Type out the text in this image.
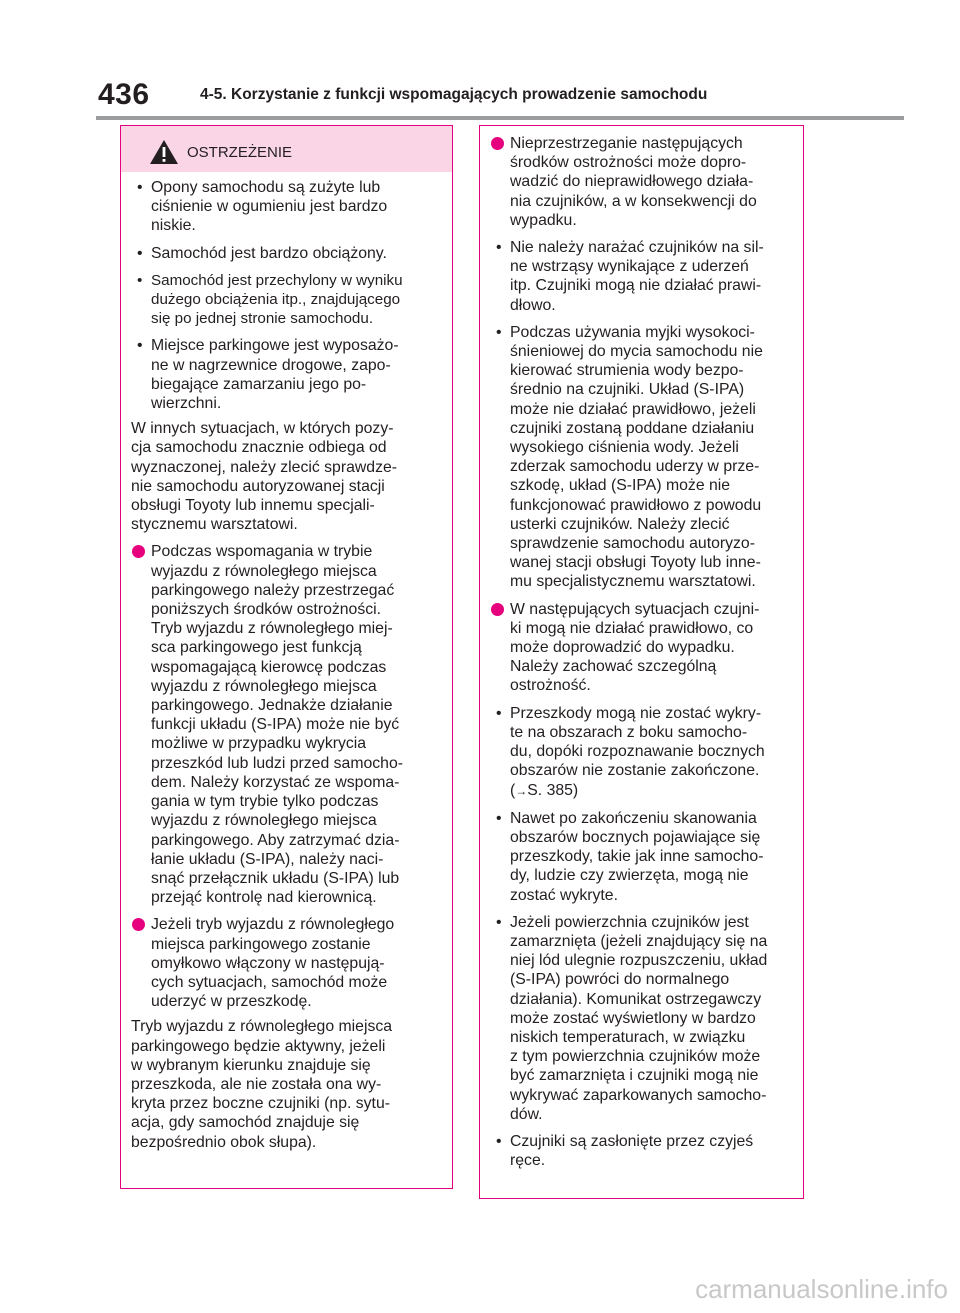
436	4-5. Korzystanie z funkcji wspomagających prowadzenie samochodu
OSTRZEŻENIE
• Opony samochodu są zużyte lub
ciśnienie w ogumieniu jest bardzo
niskie.
• Samochód jest bardzo obciążony.
• Samochód jest przechylony w wyniku
dużego obciążenia itp., znajdującego
się po jednej stronie samochodu.
• Miejsce parkingowe jest wyposażo-
ne w nagrzewnice drogowe, zapo-
biegające zamarzaniu jego po-
wierzchni.
W innych sytuacjach, w których pozy-
cja samochodu znacznie odbiega od
wyznaczonej, należy zlecić sprawdze-
nie samochodu autoryzowanej stacji
obsługi Toyoty lub innemu specjali-
stycznemu warsztatowi.
Podczas wspomagania w trybie
wyjazdu z równoległego miejsca
parkingowego należy przestrzegać
poniższych środków ostrożności.
Tryb wyjazdu z równoległego miej-
sca parkingowego jest funkcją
wspomagającą kierowcę podczas
wyjazdu z równoległego miejsca
parkingowego. Jednakże działanie
funkcji układu (S-IPA) może nie być
możliwe w przypadku wykrycia
przeszkód lub ludzi przed samocho-
dem. Należy korzystać ze wspoma-
gania w tym trybie tylko podczas
wyjazdu z równoległego miejsca
parkingowego. Aby zatrzymać dzia-
łanie układu (S-IPA), należy naci-
snąć przełącznik układu (S-IPA) lub
przejąć kontrolę nad kierownicą.
Jeżeli tryb wyjazdu z równoległego
miejsca parkingowego zostanie
omyłkowo włączony w następują-
cych sytuacjach, samochód może
uderzyć w przeszkodę.
Tryb wyjazdu z równoległego miejsca
parkingowego będzie aktywny, jeżeli
w wybranym kierunku znajduje się
przeszkoda, ale nie została ona wy-
kryta przez boczne czujniki (np. sytu-
acja, gdy samochód znajduje się
bezpośrednio obok słupa).
Nieprzestrzeganie następujących
środków ostrożności może dopro-
wadzić do nieprawidłowego działa-
nia czujników, a w konsekwencji do
wypadku.
• Nie należy narażać czujników na sil-
ne wstrząsy wynikające z uderzeń
itp. Czujniki mogą nie działać prawi-
dłowo.
• Podczas używania myjki wysokoci-
śnieniowej do mycia samochodu nie
kierować strumienia wody bezpo-
średnio na czujniki. Układ (S-IPA)
może nie działać prawidłowo, jeżeli
czujniki zostaną poddane działaniu
wysokiego ciśnienia wody. Jeżeli
zderzak samochodu uderzy w prze-
szkodę, układ (S-IPA) może nie
funkcjonować prawidłowo z powodu
usterki czujników. Należy zlecić
sprawdzenie samochodu autoryzo-
wanej stacji obsługi Toyoty lub inne-
mu specjalistycznemu warsztatowi.
W następujących sytuacjach czujni-
ki mogą nie działać prawidłowo, co
może doprowadzić do wypadku.
Należy zachować szczególną
ostrożność.
• Przeszkody mogą nie zostać wykry-
te na obszarach z boku samocho-
du, dopóki rozpoznawanie bocznych
obszarów nie zostanie zakończone.
(→S. 385)
• Nawet po zakończeniu skanowania
obszarów bocznych pojawiające się
przeszkody, takie jak inne samocho-
dy, ludzie czy zwierzęta, mogą nie
zostać wykryte.
• Jeżeli powierzchnia czujników jest
zamarznięta (jeżeli znajdujący się na
niej lód ulegnie rozpuszczeniu, układ
(S-IPA) powróci do normalnego
działania). Komunikat ostrzegawczy
może zostać wyświetlony w bardzo
niskich temperaturach, w związku
z tym powierzchnia czujników może
być zamarznięta i czujniki mogą nie
wykrywać zaparkowanych samocho-
dów.
• Czujniki są zasłonięte przez czyjeś
ręce.
carmanualsonline.info
